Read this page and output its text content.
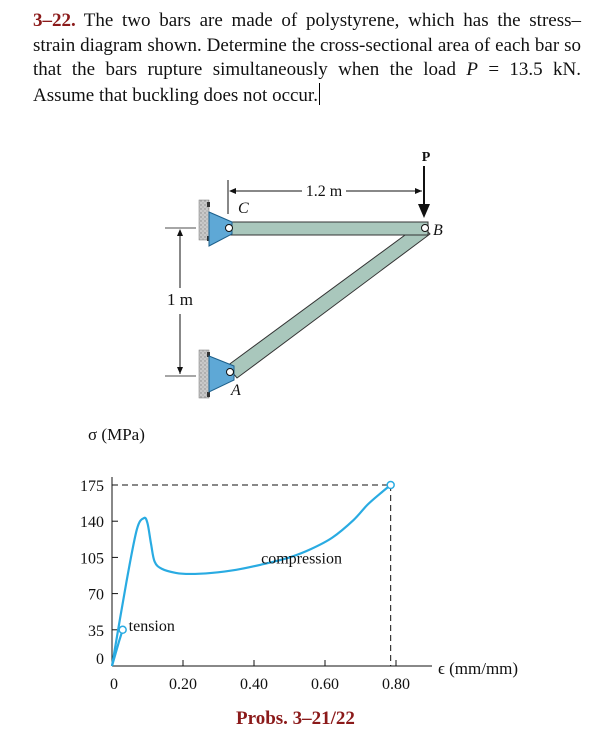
3–22. The two bars are made of polystyrene, which has the stress–strain diagram shown. Determine the cross-sectional area of each bar so that the bars rupture simultaneously when the load P = 13.5 kN. Assume that buckling does not occur.
1.2 m
P
1 m
C
A
B
σ (MPa)
ϵ (mm/mm)
0
35
70
105
140
175
0	0.20	0.40	0.60	0.80
compression
tension
Probs. 3–21/22
